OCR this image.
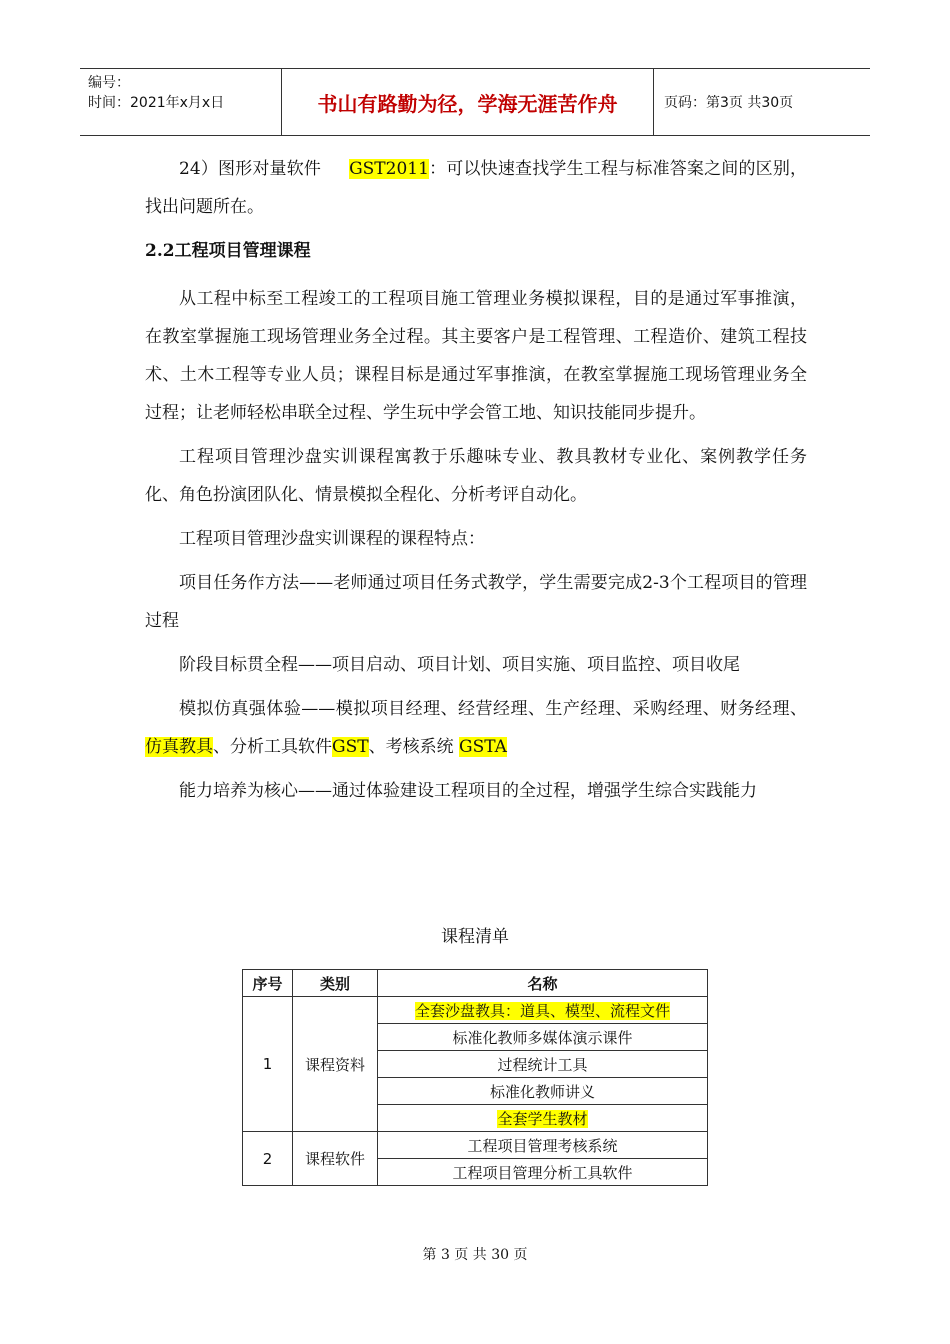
编号：
时间：2021年x月x日	书山有路勤为径，学海无涯苦作舟	页码：第3页 共30页

24）图形对量软件     GST2011：可以快速查找学生工程与标准答案之间的区别，找出问题所在。

2.2工程项目管理课程

从工程中标至工程竣工的工程项目施工管理业务模拟课程，目的是通过军事推演，在教室掌握施工现场管理业务全过程。其主要客户是工程管理、工程造价、建筑工程技术、土木工程等专业人员；课程目标是通过军事推演，在教室掌握施工现场管理业务全过程；让老师轻松串联全过程、学生玩中学会管工地、知识技能同步提升。

工程项目管理沙盘实训课程寓教于乐趣味专业、教具教材专业化、案例教学任务化、角色扮演团队化、情景模拟全程化、分析考评自动化。

工程项目管理沙盘实训课程的课程特点：

项目任务作方法——老师通过项目任务式教学，学生需要完成2-3个工程项目的管理过程

阶段目标贯全程——项目启动、项目计划、项目实施、项目监控、项目收尾

模拟仿真强体验——模拟项目经理、经营经理、生产经理、采购经理、财务经理、仿真教具、分析工具软件GST、考核系统 GSTA

能力培养为核心——通过体验建设工程项目的全过程，增强学生综合实践能力

课程清单
序号	类别	名称
1	课程资料	全套沙盘教具：道具、模型、流程文件
		标准化教师多媒体演示课件
		过程统计工具
		标准化教师讲义
		全套学生教材
2	课程软件	工程项目管理考核系统
		工程项目管理分析工具软件
第 3 页 共 30 页
